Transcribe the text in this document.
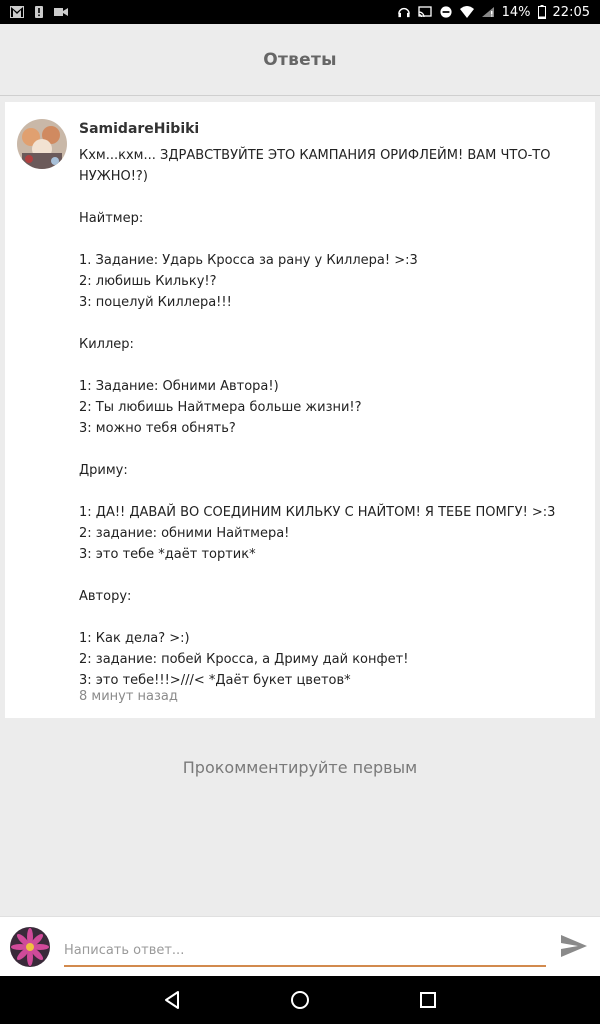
14% 22:05
Ответы
SamidareHibiki
Кхм...кхм... ЗДРАВСТВУЙТЕ ЭТО КАМПАНИЯ ОРИФЛЕЙМ! ВАМ ЧТО-ТО НУЖНО!?)

Найтмер:

1. Задание: Ударь Кросса за рану у Киллера! >:3
2: любишь Кильку!?
3: поцелуй Киллера!!!

Киллер:

1: Задание: Обними Автора!)
2: Ты любишь Найтмера больше жизни!?
3: можно тебя обнять?

Дриму:

1: ДА!! ДАВАЙ ВО СОЕДИНИМ КИЛЬКУ С НАЙТОМ! Я ТЕБЕ ПОМГУ! >:3
2: задание: обними Найтмера!
3: это тебе *даёт тортик*

Автору:

1: Как дела? >:)
2: задание: побей Кросса, а Дриму дай конфет!
3: это тебе!!!>///< *Даёт букет цветов*
8 минут назад
Прокомментируйте первым
Написать ответ...
